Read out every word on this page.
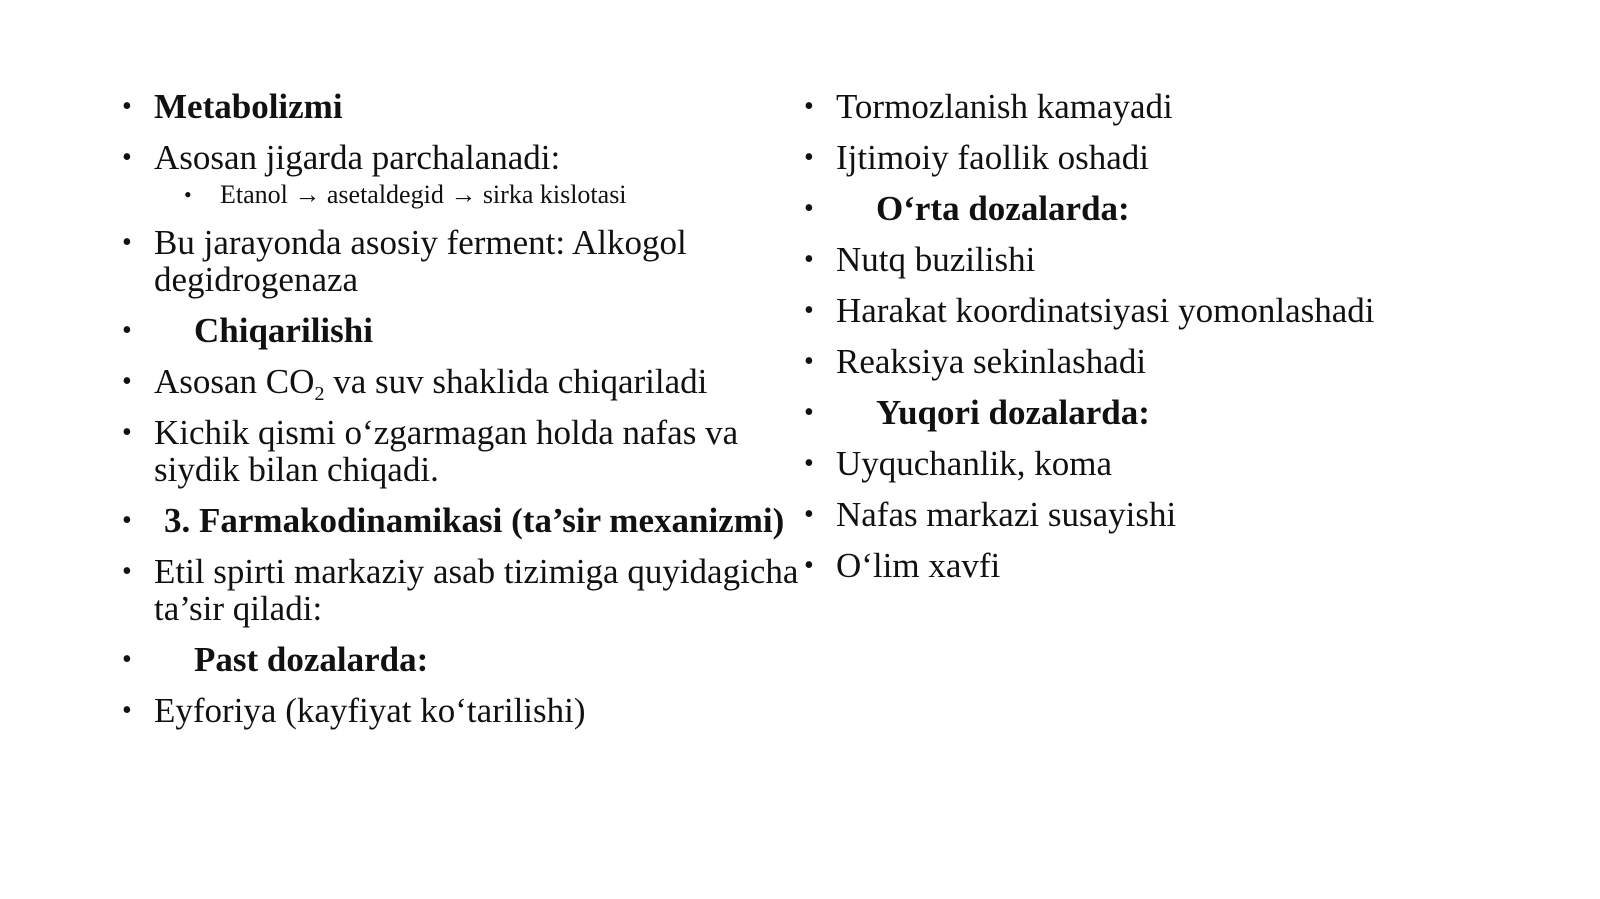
• Metabolizmi
• Asosan jigarda parchalanadi:
• Etanol → asetaldegid → sirka kislotasi
• Bu jarayonda asosiy ferment: Alkogol degidrogenaza
• Chiqarilishi
• Asosan $CO_2$ va suv shaklida chiqariladi
• Kichik qismi o‘zgarmagan holda nafas va siydik bilan chiqadi.
• 3. Farmakodinamikasi (ta’sir mexanizmi)
• Etil spirti markaziy asab tizimiga quyidagicha ta’sir qiladi:
• Past dozalarda:
• Eyforiya (kayfiyat ko‘tarilishi)
• Tormozlanish kamayadi
• Ijtimoiy faollik oshadi
• O‘rta dozalarda:
• Nutq buzilishi
• Harakat koordinatsiyasi yomonlashadi
• Reaksiya sekinlashadi
• Yuqori dozalarda:
• Uyquchanlik, koma
• Nafas markazi susayishi
• O‘lim xavfi
